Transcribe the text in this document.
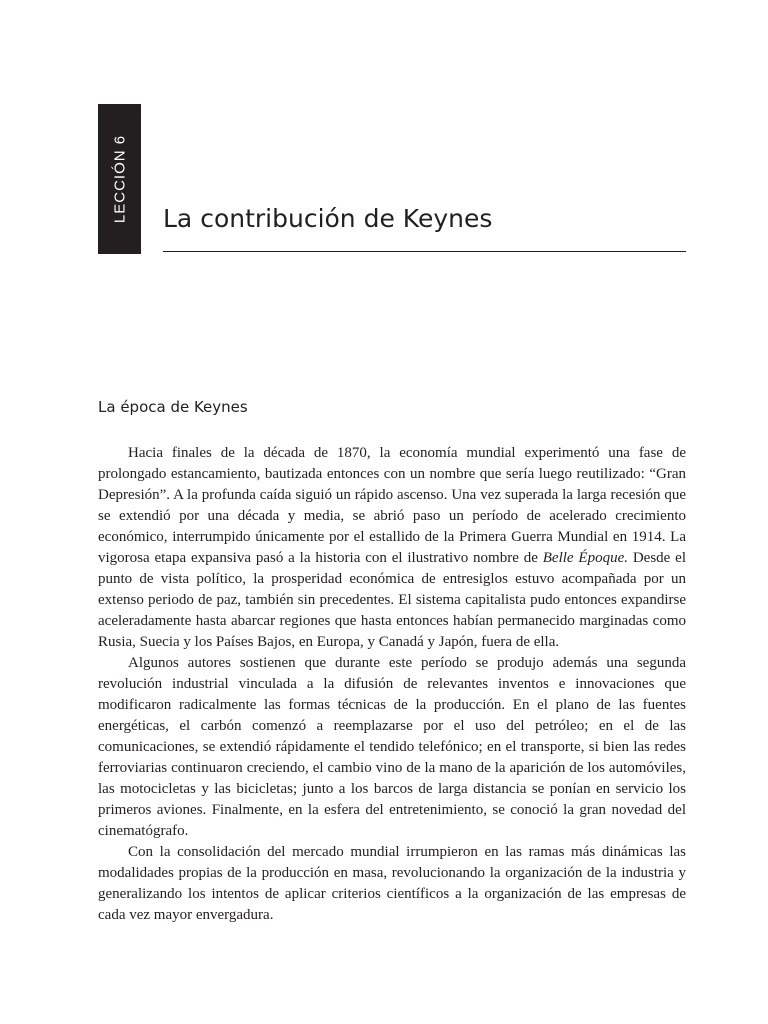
LECCIÓN 6 La contribución de Keynes
La época de Keynes

Hacia finales de la década de 1870, la economía mundial experimentó una fase de prolongado estancamiento, bautizada entonces con un nombre que sería luego reutilizado: “Gran Depresión”. A la profunda caída siguió un rápido ascenso. Una vez superada la larga recesión que se extendió por una década y media, se abrió paso un período de acelerado crecimiento económico, interrumpido únicamente por el estallido de la Primera Guerra Mundial en 1914. La vigorosa etapa expansiva pasó a la historia con el ilustrativo nombre de Belle Époque. Desde el punto de vista político, la prosperidad económica de entresiglos estuvo acompañada por un extenso periodo de paz, también sin precedentes. El sistema capitalista pudo entonces expandirse aceleradamente hasta abarcar regiones que hasta entonces habían permanecido marginadas como Rusia, Suecia y los Países Bajos, en Europa, y Canadá y Japón, fuera de ella.

Algunos autores sostienen que durante este período se produjo además una segunda revolución industrial vinculada a la difusión de relevantes inventos e innovaciones que modificaron radicalmente las formas técnicas de la producción. En el plano de las fuentes energéticas, el carbón comenzó a reemplazarse por el uso del petróleo; en el de las comunicaciones, se extendió rápidamente el tendido telefónico; en el transporte, si bien las redes ferroviarias continuaron creciendo, el cambio vino de la mano de la aparición de los automóviles, las motocicletas y las bicicletas; junto a los barcos de larga distancia se ponían en servicio los primeros aviones. Finalmente, en la esfera del entretenimiento, se conoció la gran novedad del cinematógrafo.

Con la consolidación del mercado mundial irrumpieron en las ramas más dinámicas las modalidades propias de la producción en masa, revolucionando la organización de la industria y generalizando los intentos de aplicar criterios científicos a la organización de las empresas de cada vez mayor envergadura.
